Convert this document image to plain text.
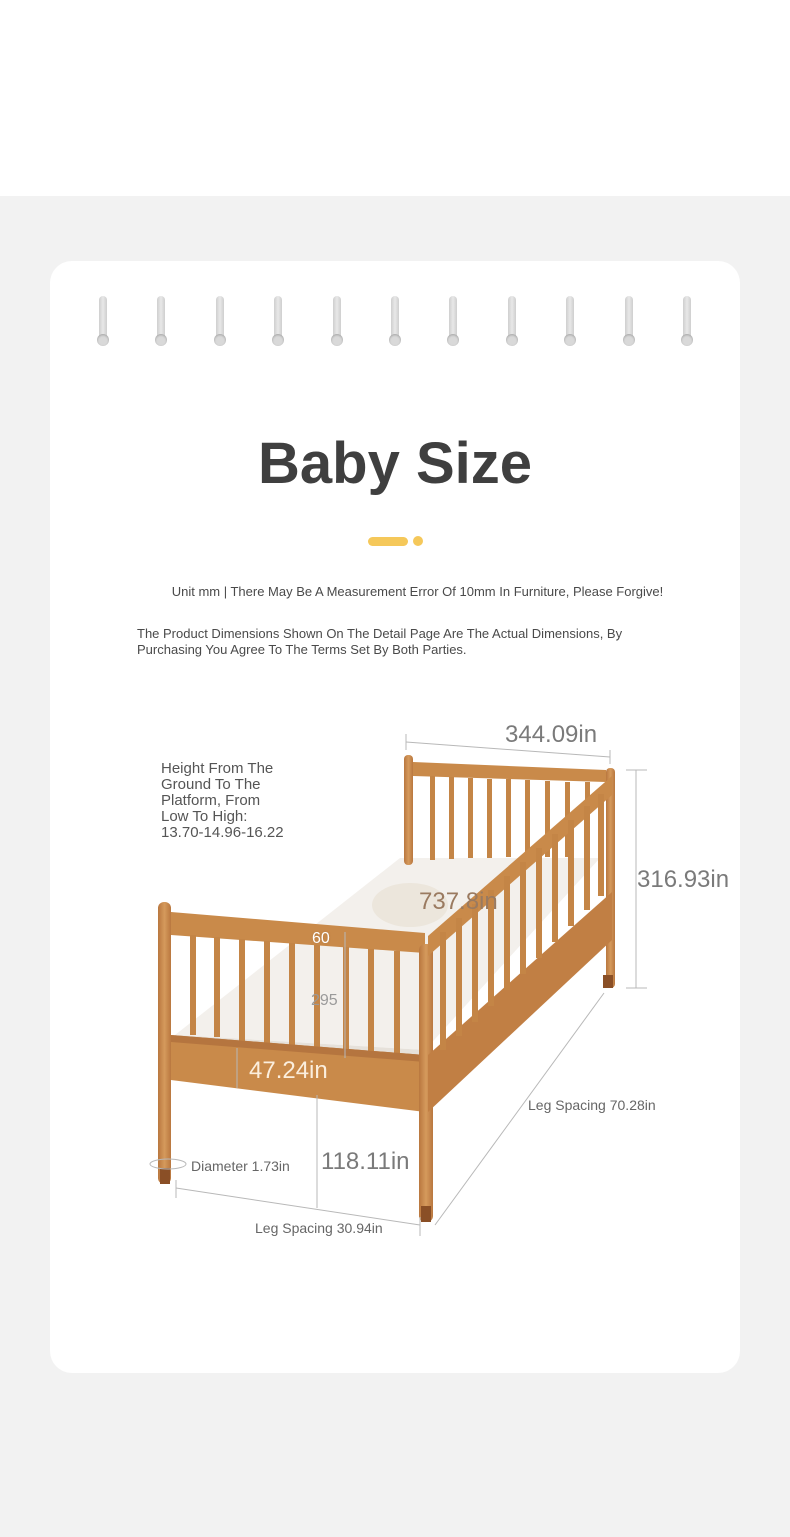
Baby Size
Unit mm | There May Be A Measurement Error Of 10mm In Furniture, Please Forgive!
The Product Dimensions Shown On The Detail Page Are The Actual Dimensions, By Purchasing You Agree To The Terms Set By Both Parties.
Height From The
Ground To The
Platform, From
Low To High:
13.70-14.96-16.22
344.09in
316.93in
737.8in
60
295
47.24in
118.11in
Diameter 1.73in
Leg Spacing 30.94in
Leg Spacing 70.28in
